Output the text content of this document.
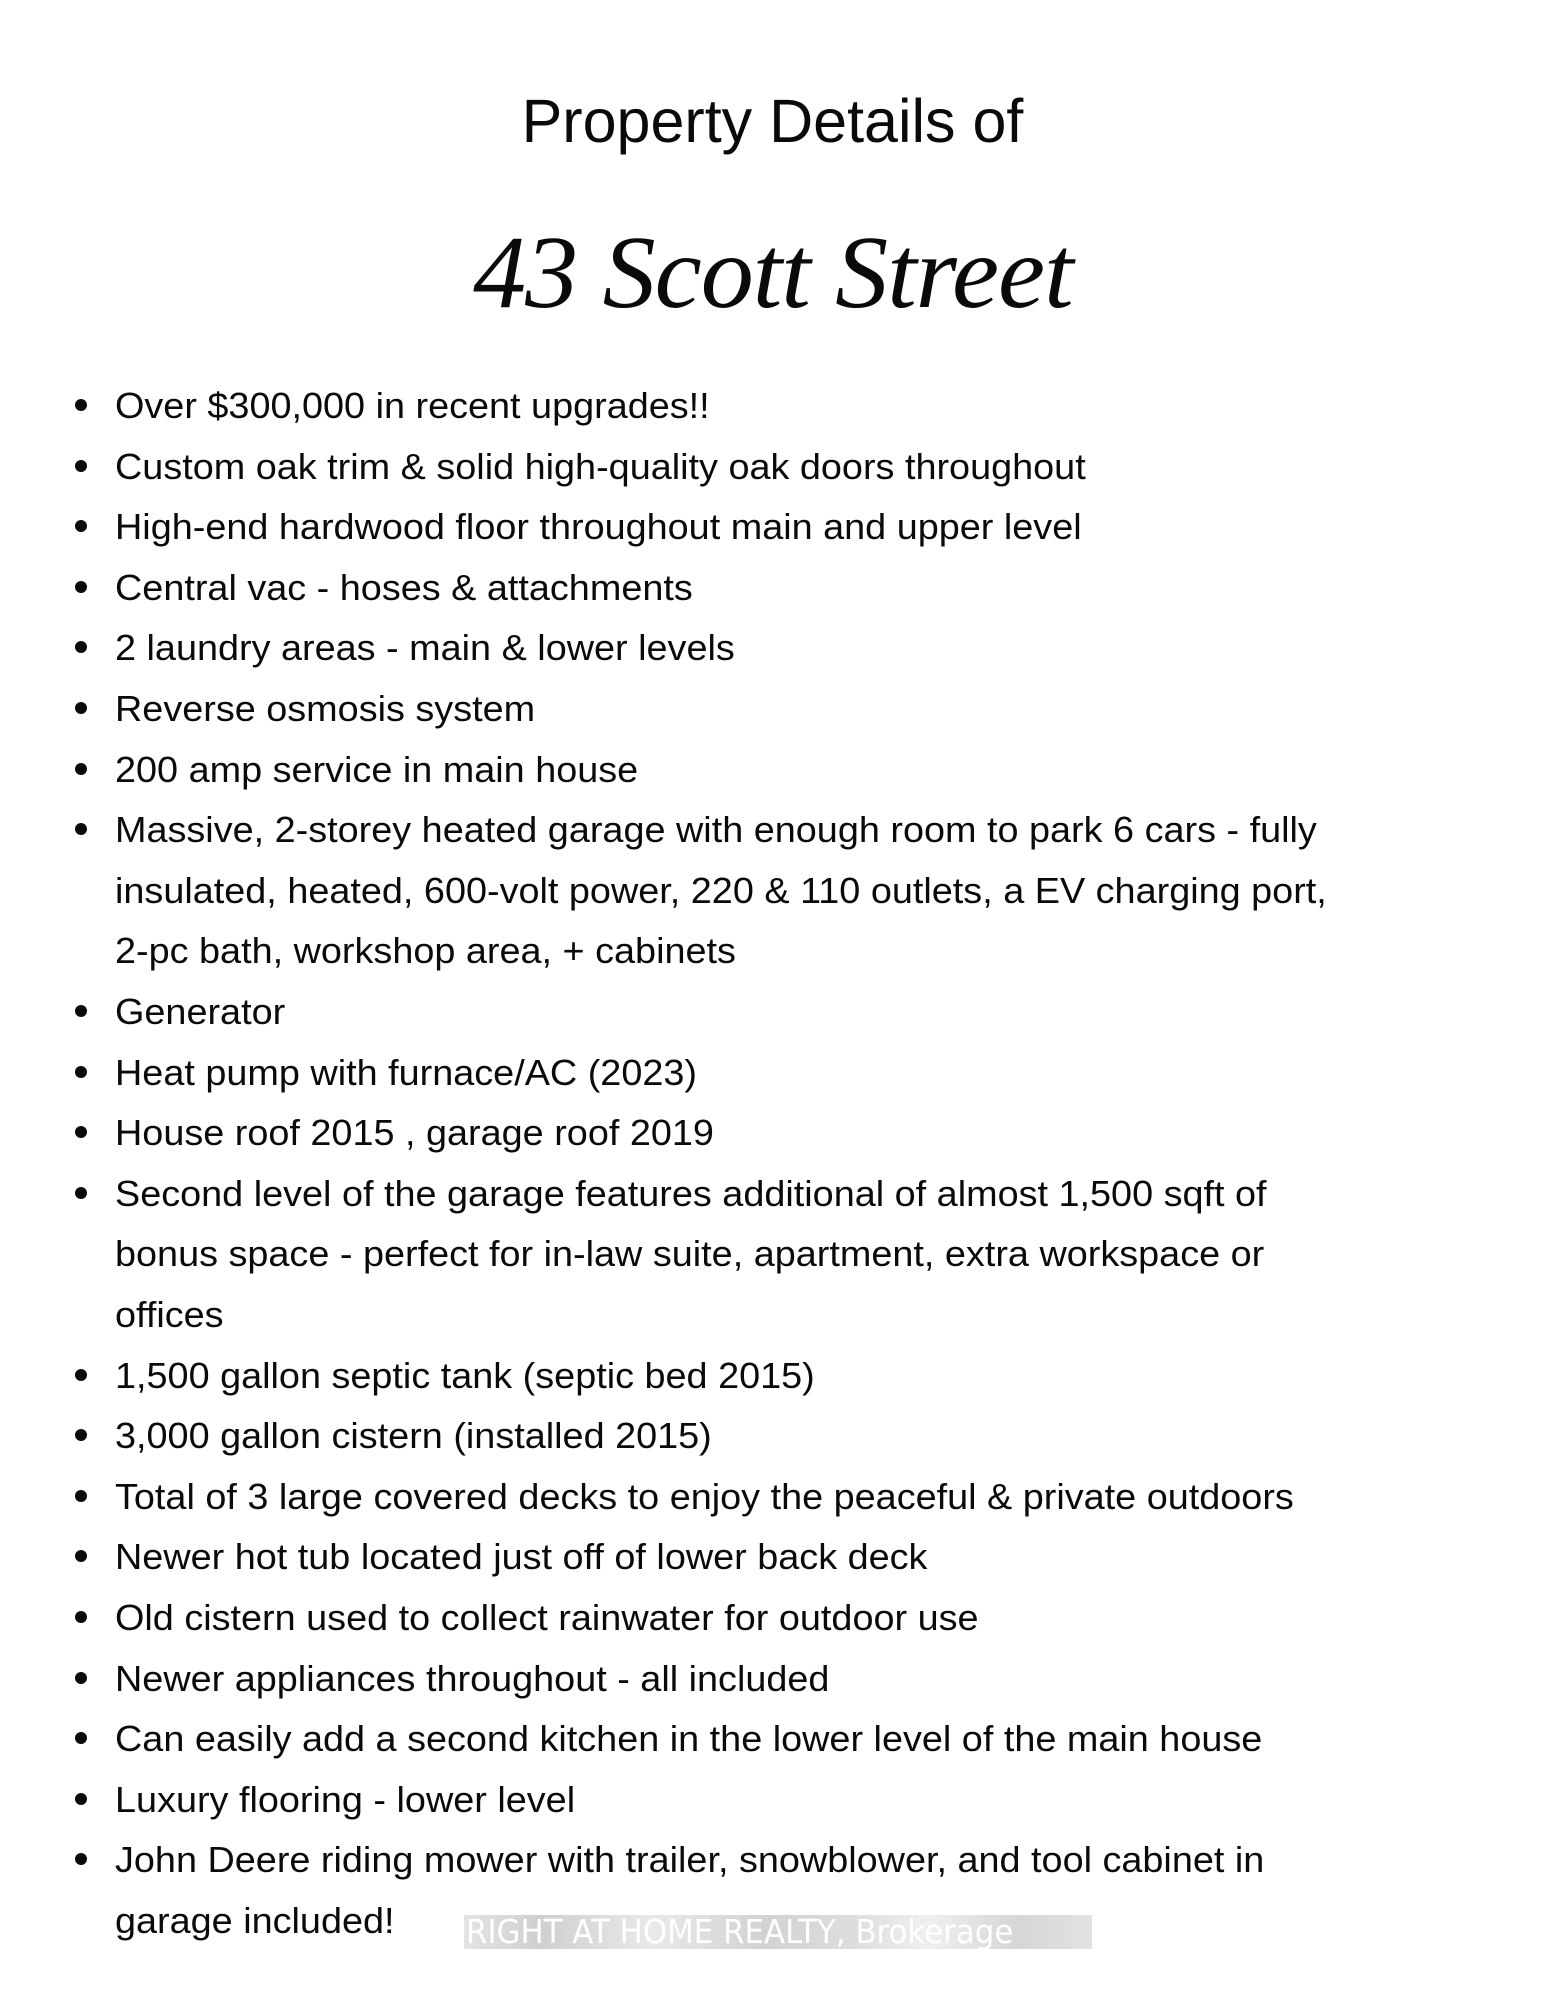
Property Details of
43 Scott Street
Over $300,000 in recent upgrades!!
Custom oak trim & solid high-quality oak doors throughout
High-end hardwood floor throughout main and upper level
Central vac - hoses & attachments
2 laundry areas - main & lower levels
Reverse osmosis system
200 amp service in main house
Massive, 2-storey heated garage with enough room to park 6 cars - fully
insulated, heated, 600-volt power, 220 & 110 outlets, a EV charging port,
2-pc bath, workshop area, + cabinets
Generator
Heat pump with furnace/AC (2023)
House roof 2015 , garage roof 2019
Second level of the garage features additional of almost 1,500 sqft of
bonus space - perfect for in-law suite, apartment, extra workspace or
offices
1,500 gallon septic tank (septic bed 2015)
3,000 gallon cistern (installed 2015)
Total of 3 large covered decks to enjoy the peaceful & private outdoors
Newer hot tub located just off of lower back deck
Old cistern used to collect rainwater for outdoor use
Newer appliances throughout - all included
Can easily add a second kitchen in the lower level of the main house
Luxury flooring - lower level
John Deere riding mower with trailer, snowblower, and tool cabinet in
garage included! RIGHT AT HOME REALTY, Brokerage
